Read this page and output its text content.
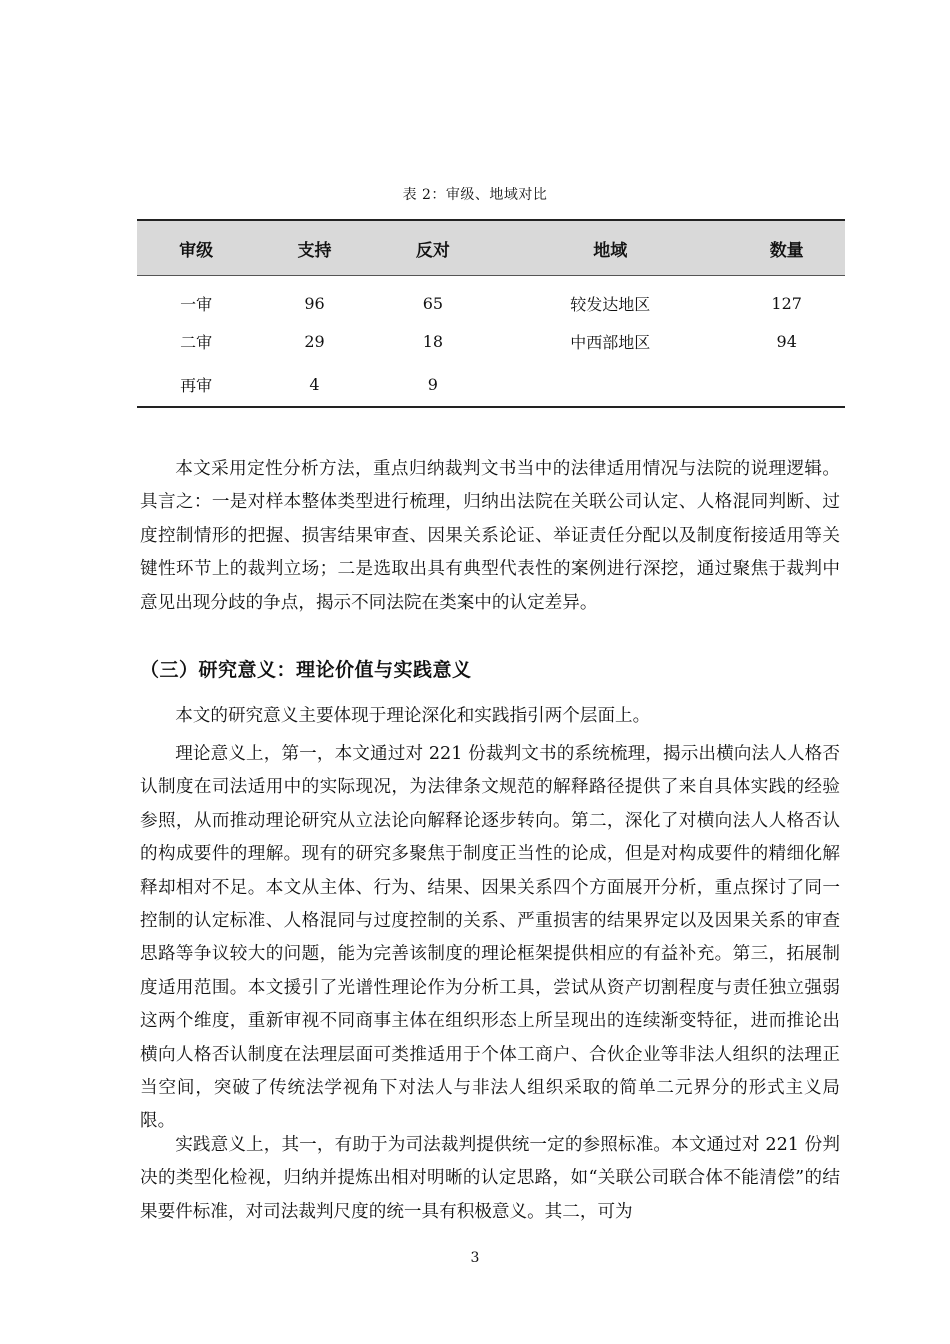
表 2：审级、地域对比
审级	支持	反对	地域	数量
一审	96	65	较发达地区	127
二审	29	18	中西部地区	94
再审	4	9		

本文采用定性分析方法，重点归纳裁判文书当中的法律适用情况与法院的说理逻辑。具言之：一是对样本整体类型进行梳理，归纳出法院在关联公司认定、人格混同判断、过度控制情形的把握、损害结果审查、因果关系论证、举证责任分配以及制度衔接适用等关键性环节上的裁判立场；二是选取出具有典型代表性的案例进行深挖，通过聚焦于裁判中意见出现分歧的争点，揭示不同法院在类案中的认定差异。

（三）研究意义：理论价值与实践意义

本文的研究意义主要体现于理论深化和实践指引两个层面上。

理论意义上，第一，本文通过对 221 份裁判文书的系统梳理，揭示出横向法人人格否认制度在司法适用中的实际现况，为法律条文规范的解释路径提供了来自具体实践的经验参照，从而推动理论研究从立法论向解释论逐步转向。第二，深化了对横向法人人格否认的构成要件的理解。现有的研究多聚焦于制度正当性的论成，但是对构成要件的精细化解释却相对不足。本文从主体、行为、结果、因果关系四个方面展开分析，重点探讨了同一控制的认定标准、人格混同与过度控制的关系、严重损害的结果界定以及因果关系的审查思路等争议较大的问题，能为完善该制度的理论框架提供相应的有益补充。第三，拓展制度适用范围。本文援引了光谱性理论作为分析工具，尝试从资产切割程度与责任独立强弱这两个维度，重新审视不同商事主体在组织形态上所呈现出的连续渐变特征，进而推论出横向人格否认制度在法理层面可类推适用于个体工商户、合伙企业等非法人组织的法理正当空间，突破了传统法学视角下对法人与非法人组织采取的简单二元界分的形式主义局限。

实践意义上，其一，有助于为司法裁判提供统一定的参照标准。本文通过对 221 份判决的类型化检视，归纳并提炼出相对明晰的认定思路，如“关联公司联合体不能清偿”的结果要件标准，对司法裁判尺度的统一具有积极意义。其二，可为

3
